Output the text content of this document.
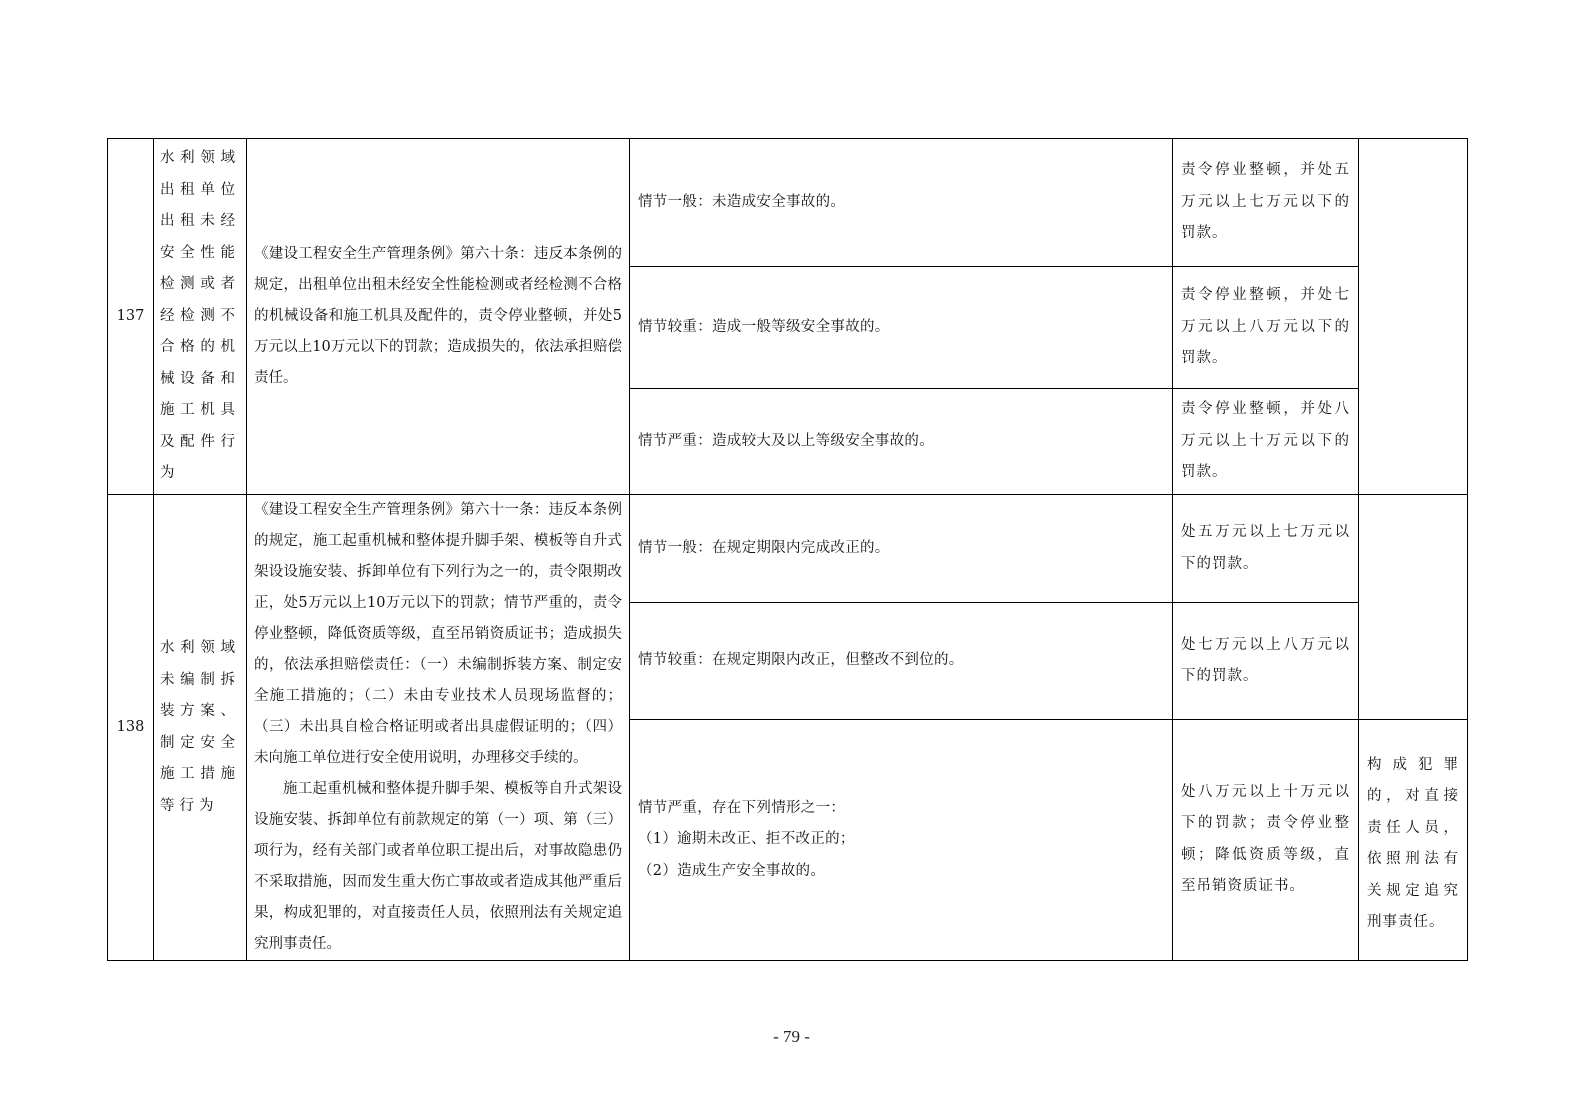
137	水利领域出租单位出租未经安全性能检测或者经检测不合格的机械设备和施工机具及配件行为	《建设工程安全生产管理条例》第六十条：违反本条例的规定，出租单位出租未经安全性能检测或者经检测不合格的机械设备和施工机具及配件的，责令停业整顿，并处5万元以上10万元以下的罚款；造成损失的，依法承担赔偿责任。	情节一般：未造成安全事故的。	责令停业整顿，并处五万元以上七万元以下的罚款。	
			情节较重：造成一般等级安全事故的。	责令停业整顿，并处七万元以上八万元以下的罚款。	
			情节严重：造成较大及以上等级安全事故的。	责令停业整顿，并处八万元以上十万元以下的罚款。	
138	水利领域未编制拆装方案、制定安全施工措施等行为	《建设工程安全生产管理条例》第六十一条：违反本条例的规定，施工起重机械和整体提升脚手架、模板等自升式架设设施安装、拆卸单位有下列行为之一的，责令限期改正，处5万元以上10万元以下的罚款；情节严重的，责令停业整顿，降低资质等级，直至吊销资质证书；造成损失的，依法承担赔偿责任：（一）未编制拆装方案、制定安全施工措施的；（二）未由专业技术人员现场监督的；（三）未出具自检合格证明或者出具虚假证明的；（四）未向施工单位进行安全使用说明，办理移交手续的。
施工起重机械和整体提升脚手架、模板等自升式架设设施安装、拆卸单位有前款规定的第（一）项、第（三）项行为，经有关部门或者单位职工提出后，对事故隐患仍不采取措施，因而发生重大伤亡事故或者造成其他严重后果，构成犯罪的，对直接责任人员，依照刑法有关规定追究刑事责任。	情节一般：在规定期限内完成改正的。	处五万元以上七万元以下的罚款。	
			情节较重：在规定期限内改正，但整改不到位的。	处七万元以上八万元以下的罚款。	

			情节严重，存在下列情形之一：
（1）逾期未改正、拒不改正的；
（2）造成生产安全事故的。	处八万元以上十万元以下的罚款；责令停业整顿；降低资质等级，直至吊销资质证书。	构成犯罪的，对直接责任人员，依照刑法有关规定追究刑事责任。
- 79 -
